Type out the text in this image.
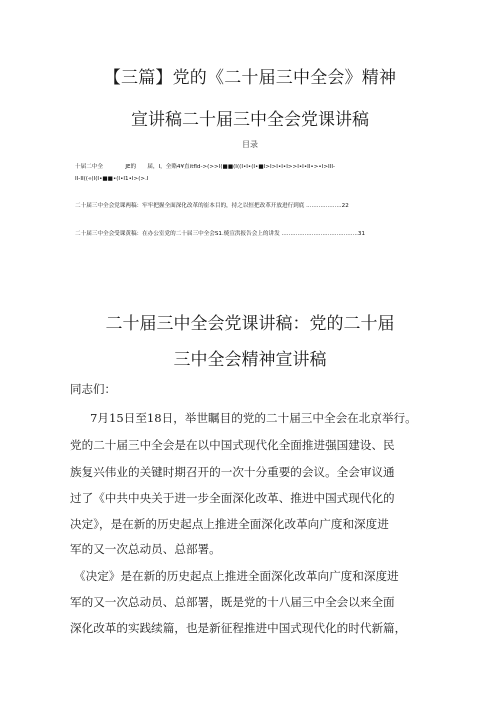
【三篇】党的《二十届三中全会》精神
宣讲稿二十届三中全会党课讲稿
目录
十届二中全　　　　JE的　　届，I，全賂4¥直itfld->(>>I(■■(I((I•I•(I•■I>I>I•I•I>>I•I•II•>•I>III-
II-II((«(I(I•■■•(I•I1•I>(>.I
二十届三中全会党课两稿：牢牢把握全面深化改革的崔本目的，持之以恒把改革开放进行到底 ....................22
二十届三中全会受课黄稿：在办公室党的二十届三中全会S1.焼宣洪报告会上的讲发 ...........................................31
二十届三中全会党课讲稿：党的二十届
三中全会精神宣讲稿
同志们：
7月15日至18日，举世瞩目的党的二十届三中全会在北京举行。
党的二十届三中全会是在以中国式现代化全面推进强国建设、民
族复兴伟业的关键时期召开的一次十分重要的会议。全会审议通
过了《中共中央关于进一步全面深化改革、推进中国式现代化的
决定》，是在新的历史起点上推进全面深化改革向广度和深度进
军的又一次总动员、总部署。
《决定》是在新的历史起点上推进全面深化改革向广度和深度进
军的又一次总动员、总部署，既是党的十八届三中全会以来全面
深化改革的实践续篇，也是新征程推进中国式现代化的时代新篇，
